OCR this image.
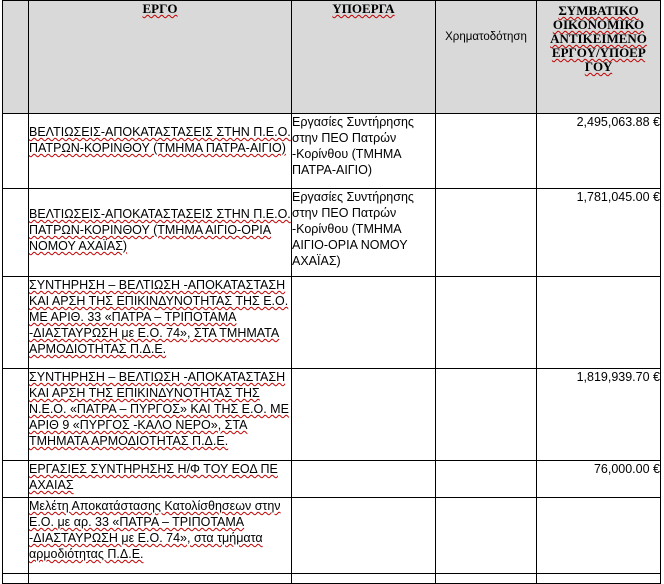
	ΕΡΓΟ	ΥΠΟΕΡΓΑ	Χρηματοδότηση	ΣΥΜΒΑΤΙΚΟ ΟΙΚΟΝΟΜΙΚΟ ΑΝΤΙΚΕΙΜΕΝΟ ΕΡΓΟΥ/ΥΠΟΕΡ ΓΟΥ
	ΒΕΛΤΙΩΣΕΙΣ-ΑΠΟΚΑΤΑΣΤΑΣΕΙΣ ΣΤΗΝ Π.Ε.Ο. ΠΑΤΡΩΝ-ΚΟΡΙΝΘΟΥ (ΤΜΗΜΑ ΠΑΤΡΑ-ΑΙΓΙΟ)	Εργασίες Συντήρησης στην ΠΕΟ Πατρών -Κορίνθου (ΤΜΗΜΑ ΠΑΤΡΑ-ΑΙΓΙΟ)		2,495,063.88 €
	ΒΕΛΤΙΩΣΕΙΣ-ΑΠΟΚΑΤΑΣΤΑΣΕΙΣ ΣΤΗΝ Π.Ε.Ο. ΠΑΤΡΩΝ-ΚΟΡΙΝΘΟΥ (ΤΜΗΜΑ ΑΙΓΙΟ-ΟΡΙΑ ΝΟΜΟΥ ΑΧΑΪΑΣ)	Εργασίες Συντήρησης στην ΠΕΟ Πατρών -Κορίνθου (ΤΜΗΜΑ ΑΙΓΙΟ-ΟΡΙΑ ΝΟΜΟΥ ΑΧΑΪΑΣ)		1,781,045.00 €
	ΣΥΝΤΗΡΗΣΗ – ΒΕΛΤΙΩΣΗ -ΑΠΟΚΑΤΑΣΤΑΣΗ ΚΑΙ ΑΡΣΗ ΤΗΣ ΕΠΙΚΙΝΔΥΝΟΤΗΤΑΣ ΤΗΣ Ε.Ο. ΜΕ ΑΡΙΘ. 33 «ΠΑΤΡΑ – ΤΡΙΠΟΤΑΜΑ -ΔΙΑΣΤΑΥΡΩΣΗ με Ε.Ο. 74», ΣΤΑ ΤΜΗΜΑΤΑ ΑΡΜΟΔΙΟΤΗΤΑΣ Π.Δ.Ε.			
	ΣΥΝΤΗΡΗΣΗ – ΒΕΛΤΙΩΣΗ -ΑΠΟΚΑΤΑΣΤΑΣΗ ΚΑΙ ΑΡΣΗ ΤΗΣ ΕΠΙΚΙΝΔΥΝΟΤΗΤΑΣ ΤΗΣ Ν.Ε.Ο. «ΠΑΤΡΑ – ΠΥΡΓΟΣ» ΚΑΙ ΤΗΣ Ε.Ο. ΜΕ ΑΡΙΘ 9 «ΠΥΡΓΟΣ -ΚΑΛΟ ΝΕΡΟ», ΣΤΑ ΤΜΗΜΑΤΑ ΑΡΜΟΔΙΟΤΗΤΑΣ Π.Δ.Ε.			1,819,939.70 €
	ΕΡΓΑΣΙΕΣ ΣΥΝΤΗΡΗΣΗΣ Η/Φ ΤΟΥ ΕΟΔ ΠΕ ΑΧΑΙΑΣ			76,000.00 €
	Μελέτη Αποκατάστασης Κατολίσθησεων στην Ε.Ο. με αρ. 33 «ΠΑΤΡΑ – ΤΡΙΠΟΤΑΜΑ -ΔΙΑΣΤΑΥΡΩΣΗ με Ε.Ο. 74», στα τμήματα αρμοδιότητας Π.Δ.Ε.			
